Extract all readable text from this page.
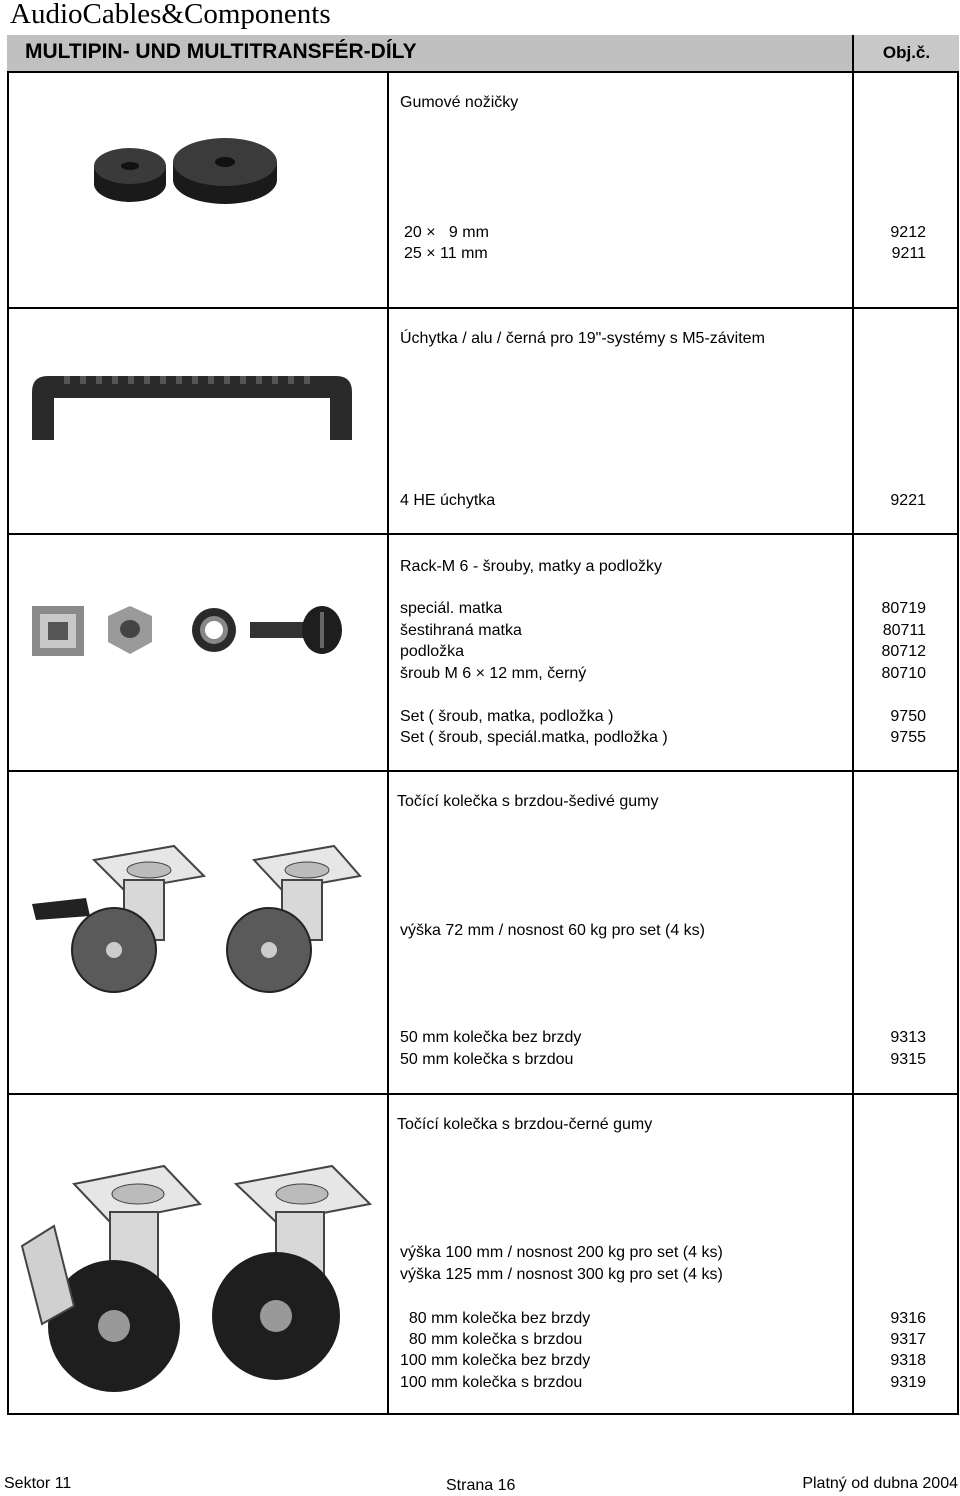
AudioCables&Components
MULTIPIN- UND MULTITRANSFÉR-DÍLY	Obj.č.
Gumové nožičky
20 ×   9 mm	9212
25 × 11 mm	9211
Úchytka / alu / černá pro 19"-systémy s M5-závitem
4 HE úchytka	9221
Rack-M 6 - šrouby, matky a podložky
speciál. matka	80719
šestihraná matka	80711
podložka	80712
šroub M 6 × 12 mm, černý	80710
Set ( šroub, matka, podložka )	9750
Set ( šroub, speciál.matka, podložka )	9755
Točící kolečka s brzdou-šedivé gumy
výška 72 mm / nosnost 60 kg pro set (4 ks)
50 mm kolečka bez brzdy	9313
50 mm kolečka s brzdou	9315
Točící kolečka s brzdou-černé gumy
výška 100 mm / nosnost 200 kg pro set (4 ks)
výška 125 mm / nosnost 300 kg pro set (4 ks)
80 mm kolečka bez brzdy	9316
80 mm kolečka s brzdou	9317
100 mm kolečka bez brzdy	9318
100 mm kolečka s brzdou	9319
Sektor 11	Strana 16	Platný od dubna 2004
